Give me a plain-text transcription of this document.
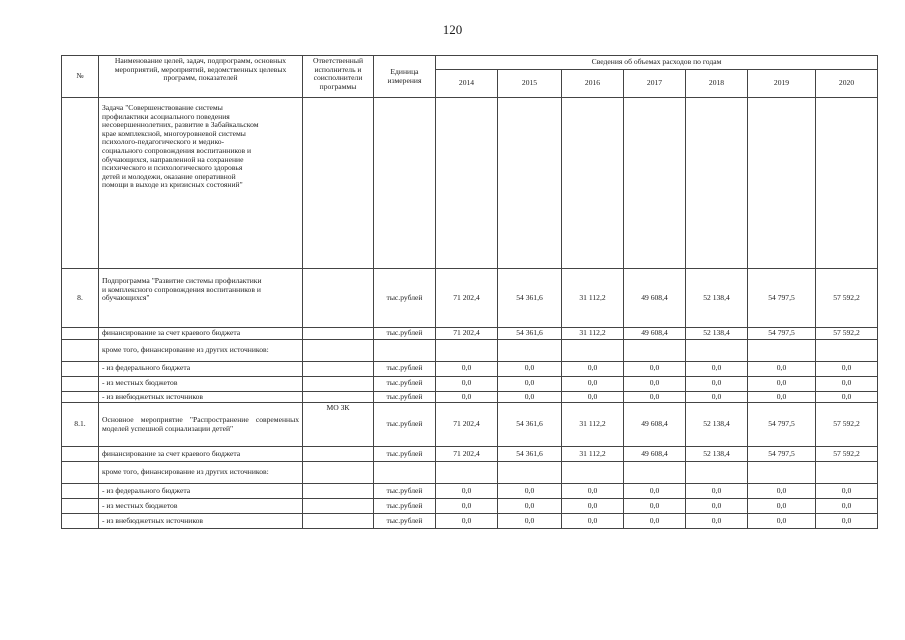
120
№	Наименование целей, задач, подпрограмм, основных мероприятий, мероприятий, ведомственных целевых программ, показателей	Ответственный исполнитель и соисполнители программы	Единица измерения	Сведения об объемах расходов по годам						
				2014	2015	2016	2017	2018	2019	2020
	Задача "Совершенствование системы профилактики асоциального поведения несовершеннолетних, развитие в Забайкальском крае комплексной, многоуровневой системы психолого-педагогического и медико-социального сопровождения воспитанников и обучающихся, направленной на сохранение психического и психологического здоровья детей и молодежи, оказание оперативной помощи в выходе из кризисных состояний"									
8.	Подпрограмма "Развитие системы профилактики и комплексного сопровождения воспитанников и обучающихся"		тыс.рублей	71 202,4	54 361,6	31 112,2	49 608,4	52 138,4	54 797,5	57 592,2
	финансирование за счет краевого бюджета		тыс.рублей	71 202,4	54 361,6	31 112,2	49 608,4	52 138,4	54 797,5	57 592,2
	кроме того, финансирование из других источников:									
	- из федерального бюджета		тыс.рублей	0,0	0,0	0,0	0,0	0,0	0,0	0,0
	- из местных бюджетов		тыс.рублей	0,0	0,0	0,0	0,0	0,0	0,0	0,0
	- из внебюджетных источников		тыс.рублей	0,0	0,0	0,0	0,0	0,0	0,0	0,0
8.1.	Основное мероприятие "Распространение современных моделей успешной социализации детей"	МО ЗК	тыс.рублей	71 202,4	54 361,6	31 112,2	49 608,4	52 138,4	54 797,5	57 592,2
	финансирование за счет краевого бюджета		тыс.рублей	71 202,4	54 361,6	31 112,2	49 608,4	52 138,4	54 797,5	57 592,2
	кроме того, финансирование из других источников:									
	- из федерального бюджета		тыс.рублей	0,0	0,0	0,0	0,0	0,0	0,0	0,0
	- из местных бюджетов		тыс.рублей	0,0	0,0	0,0	0,0	0,0	0,0	0,0
	- из внебюджетных источников		тыс.рублей	0,0	0,0	0,0	0,0	0,0	0,0	0,0
